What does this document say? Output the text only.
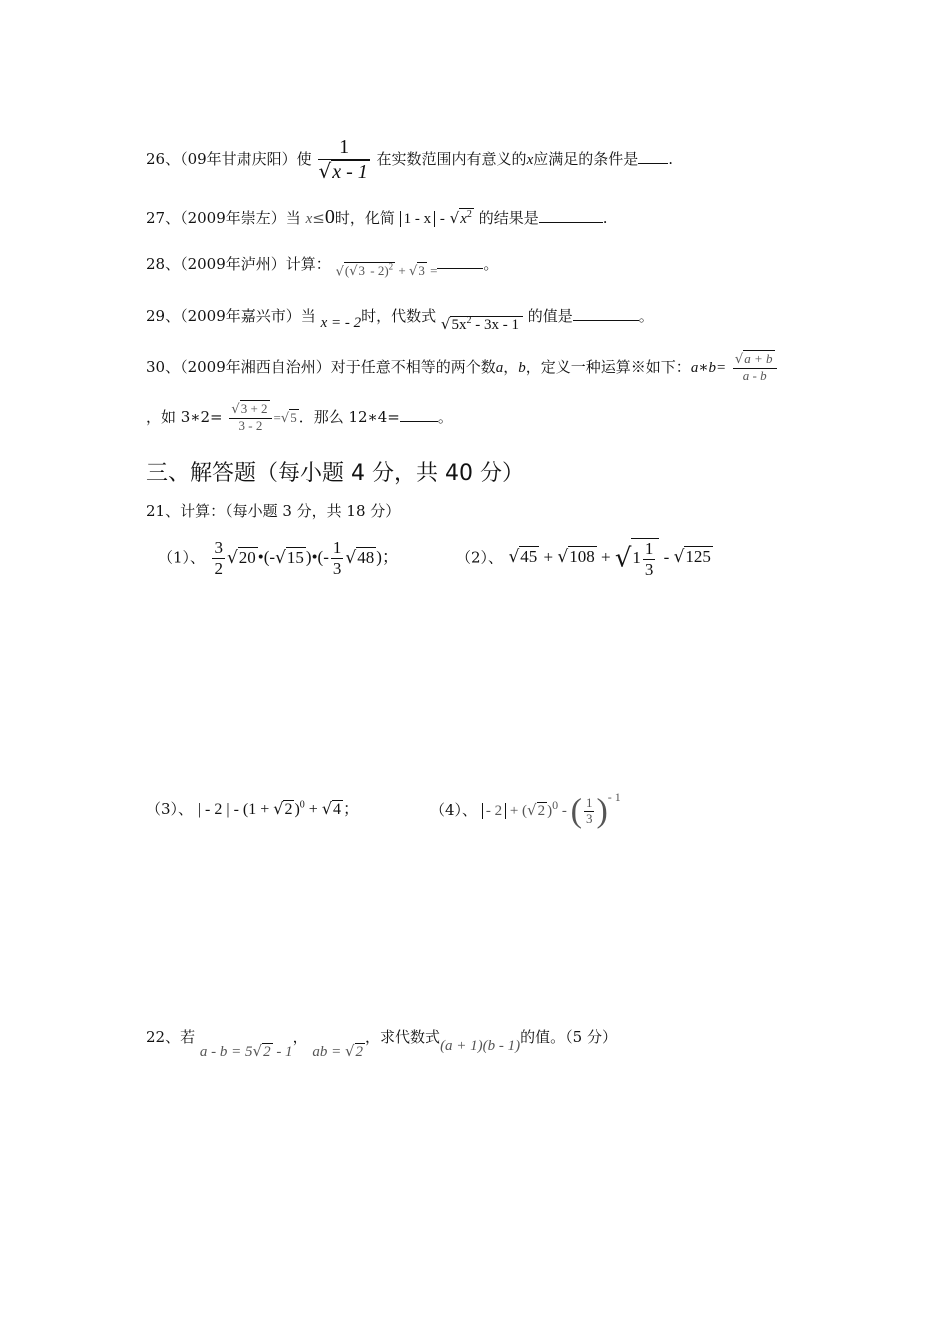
26、（09年甘肃庆阳）使 $\frac{1}{√x - 1}$ 在实数范围内有意义的x应满足的条件是 .
27、（2009年崇左）当 x≤0时，化简 1 - x - $√x^2$ 的结果是	.
28、（2009年泸州）计算： √(√3 - 2)$^2$ + √3 =	。
29、（2009年嘉兴市）当 x = - 2时，代数式 $√5x^2 - 3x - 1$ 的值是	。
30、（2009年湘西自治州）对于任意不相等的两个数a，b，定义一种运算※如下：a∗b= $\frac{√a + b}{a - b}$
，如 3∗2= $\frac{√3 + 2}{3 - 2} =√5$ ．那么 12∗4=	。
三、解答题（每小题 4 分，共 40 分）
21、计算：（每小题 3 分，共 18 分）
（1）、 $\frac{3}{2} √20$ •(-√15 )•(- $\frac{1}{3} √48$ )；	（2）、 $√45 + √108 + √1 \frac{1}{3} - √125$
（3）、 | - 2 | - (1 + √2 )$^0$ + √4 ；	（4）、 - 2 + (√2 )$^0$ - ( $\frac{1}{3} )^{- 1}$
22、若 a - b = 5√2 - 1， ab = √2，求代数式(a + 1)(b - 1)的值。（5 分）
